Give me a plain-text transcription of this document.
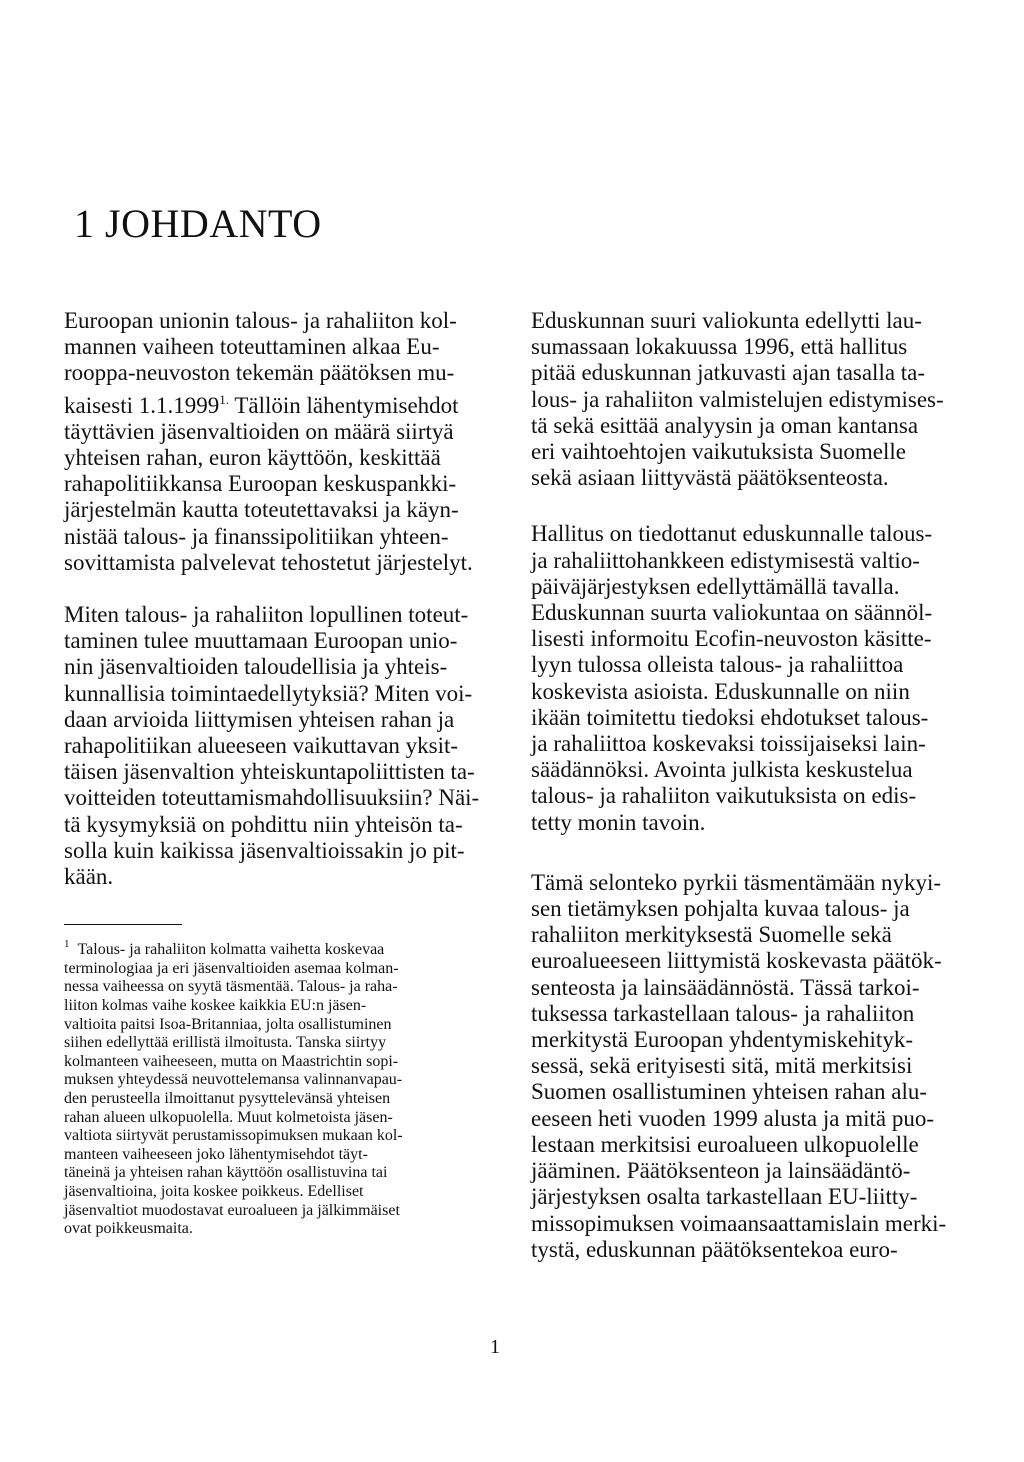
1 JOHDANTO

Euroopan unionin talous- ja rahaliiton kol-
mannen vaiheen toteuttaminen alkaa Eu-
rooppa-neuvoston tekemän päätöksen mu-
kaisesti $1.1.1999^{1.}$ Tällöin lähentymisehdot
täyttävien jäsenvaltioiden on määrä siirtyä
yhteisen rahan, euron käyttöön, keskittää
rahapolitiikkansa Euroopan keskuspankki-
järjestelmän kautta toteutettavaksi ja käyn-
nistää talous- ja finanssipolitiikan yhteen-
sovittamista palvelevat tehostetut järjestelyt.

Miten talous- ja rahaliiton lopullinen toteut-
taminen tulee muuttamaan Euroopan unio-
nin jäsenvaltioiden taloudellisia ja yhteis-
kunnallisia toimintaedellytyksiä? Miten voi-
daan arvioida liittymisen yhteisen rahan ja
rahapolitiikan alueeseen vaikuttavan yksit-
täisen jäsenvaltion yhteiskuntapoliittisten ta-
voitteiden toteuttamismahdollisuuksiin? Näi-
tä kysymyksiä on pohdittu niin yhteisön ta-
solla kuin kaikissa jäsenvaltioissakin jo pit-
kään.

$^1$ Talous- ja rahaliiton kolmatta vaihetta koskevaa
terminologiaa ja eri jäsenvaltioiden asemaa kolman-
nessa vaiheessa on syytä täsmentää. Talous- ja raha-
liiton kolmas vaihe koskee kaikkia EU:n jäsen-
valtioita paitsi Isoa-Britanniaa, jolta osallistuminen
siihen edellyttää erillistä ilmoitusta. Tanska siirtyy
kolmanteen vaiheeseen, mutta on Maastrichtin sopi-
muksen yhteydessä neuvottelemansa valinnanvapau-
den perusteella ilmoittanut pysyttelevänsä yhteisen
rahan alueen ulkopuolella. Muut kolmetoista jäsen-
valtiota siirtyvät perustamissopimuksen mukaan kol-
manteen vaiheeseen joko lähentymisehdot täyt-
täneinä ja yhteisen rahan käyttöön osallistuvina tai
jäsenvaltioina, joita koskee poikkeus. Edelliset
jäsenvaltiot muodostavat euroalueen ja jälkimmäiset
ovat poikkeusmaita.

Eduskunnan suuri valiokunta edellytti lau-
sumassaan lokakuussa 1996, että hallitus
pitää eduskunnan jatkuvasti ajan tasalla ta-
lous- ja rahaliiton valmistelujen edistymises-
tä sekä esittää analyysin ja oman kantansa
eri vaihtoehtojen vaikutuksista Suomelle
sekä asiaan liittyvästä päätöksenteosta.

Hallitus on tiedottanut eduskunnalle talous-
ja rahaliittohankkeen edistymisestä valtio-
päiväjärjestyksen edellyttämällä tavalla.
Eduskunnan suurta valiokuntaa on säännöl-
lisesti informoitu Ecofin-neuvoston käsitte-
lyyn tulossa olleista talous- ja rahaliittoa
koskevista asioista. Eduskunnalle on niin
ikään toimitettu tiedoksi ehdotukset talous-
ja rahaliittoa koskevaksi toissijaiseksi lain-
säädännöksi. Avointa julkista keskustelua
talous- ja rahaliiton vaikutuksista on edis-
tetty monin tavoin.

Tämä selonteko pyrkii täsmentämään nykyi-
sen tietämyksen pohjalta kuvaa talous- ja
rahaliiton merkityksestä Suomelle sekä
euroalueeseen liittymistä koskevasta päätök-
senteosta ja lainsäädännöstä. Tässä tarkoi-
tuksessa tarkastellaan talous- ja rahaliiton
merkitystä Euroopan yhdentymiskehityk-
sessä, sekä erityisesti sitä, mitä merkitsisi
Suomen osallistuminen yhteisen rahan alu-
eeseen heti vuoden 1999 alusta ja mitä puo-
lestaan merkitsisi euroalueen ulkopuolelle
jääminen. Päätöksenteon ja lainsäädäntö-
järjestyksen osalta tarkastellaan EU-liitty-
missopimuksen voimaansaattamislain merki-
tystä, eduskunnan päätöksentekoa euro-

1
